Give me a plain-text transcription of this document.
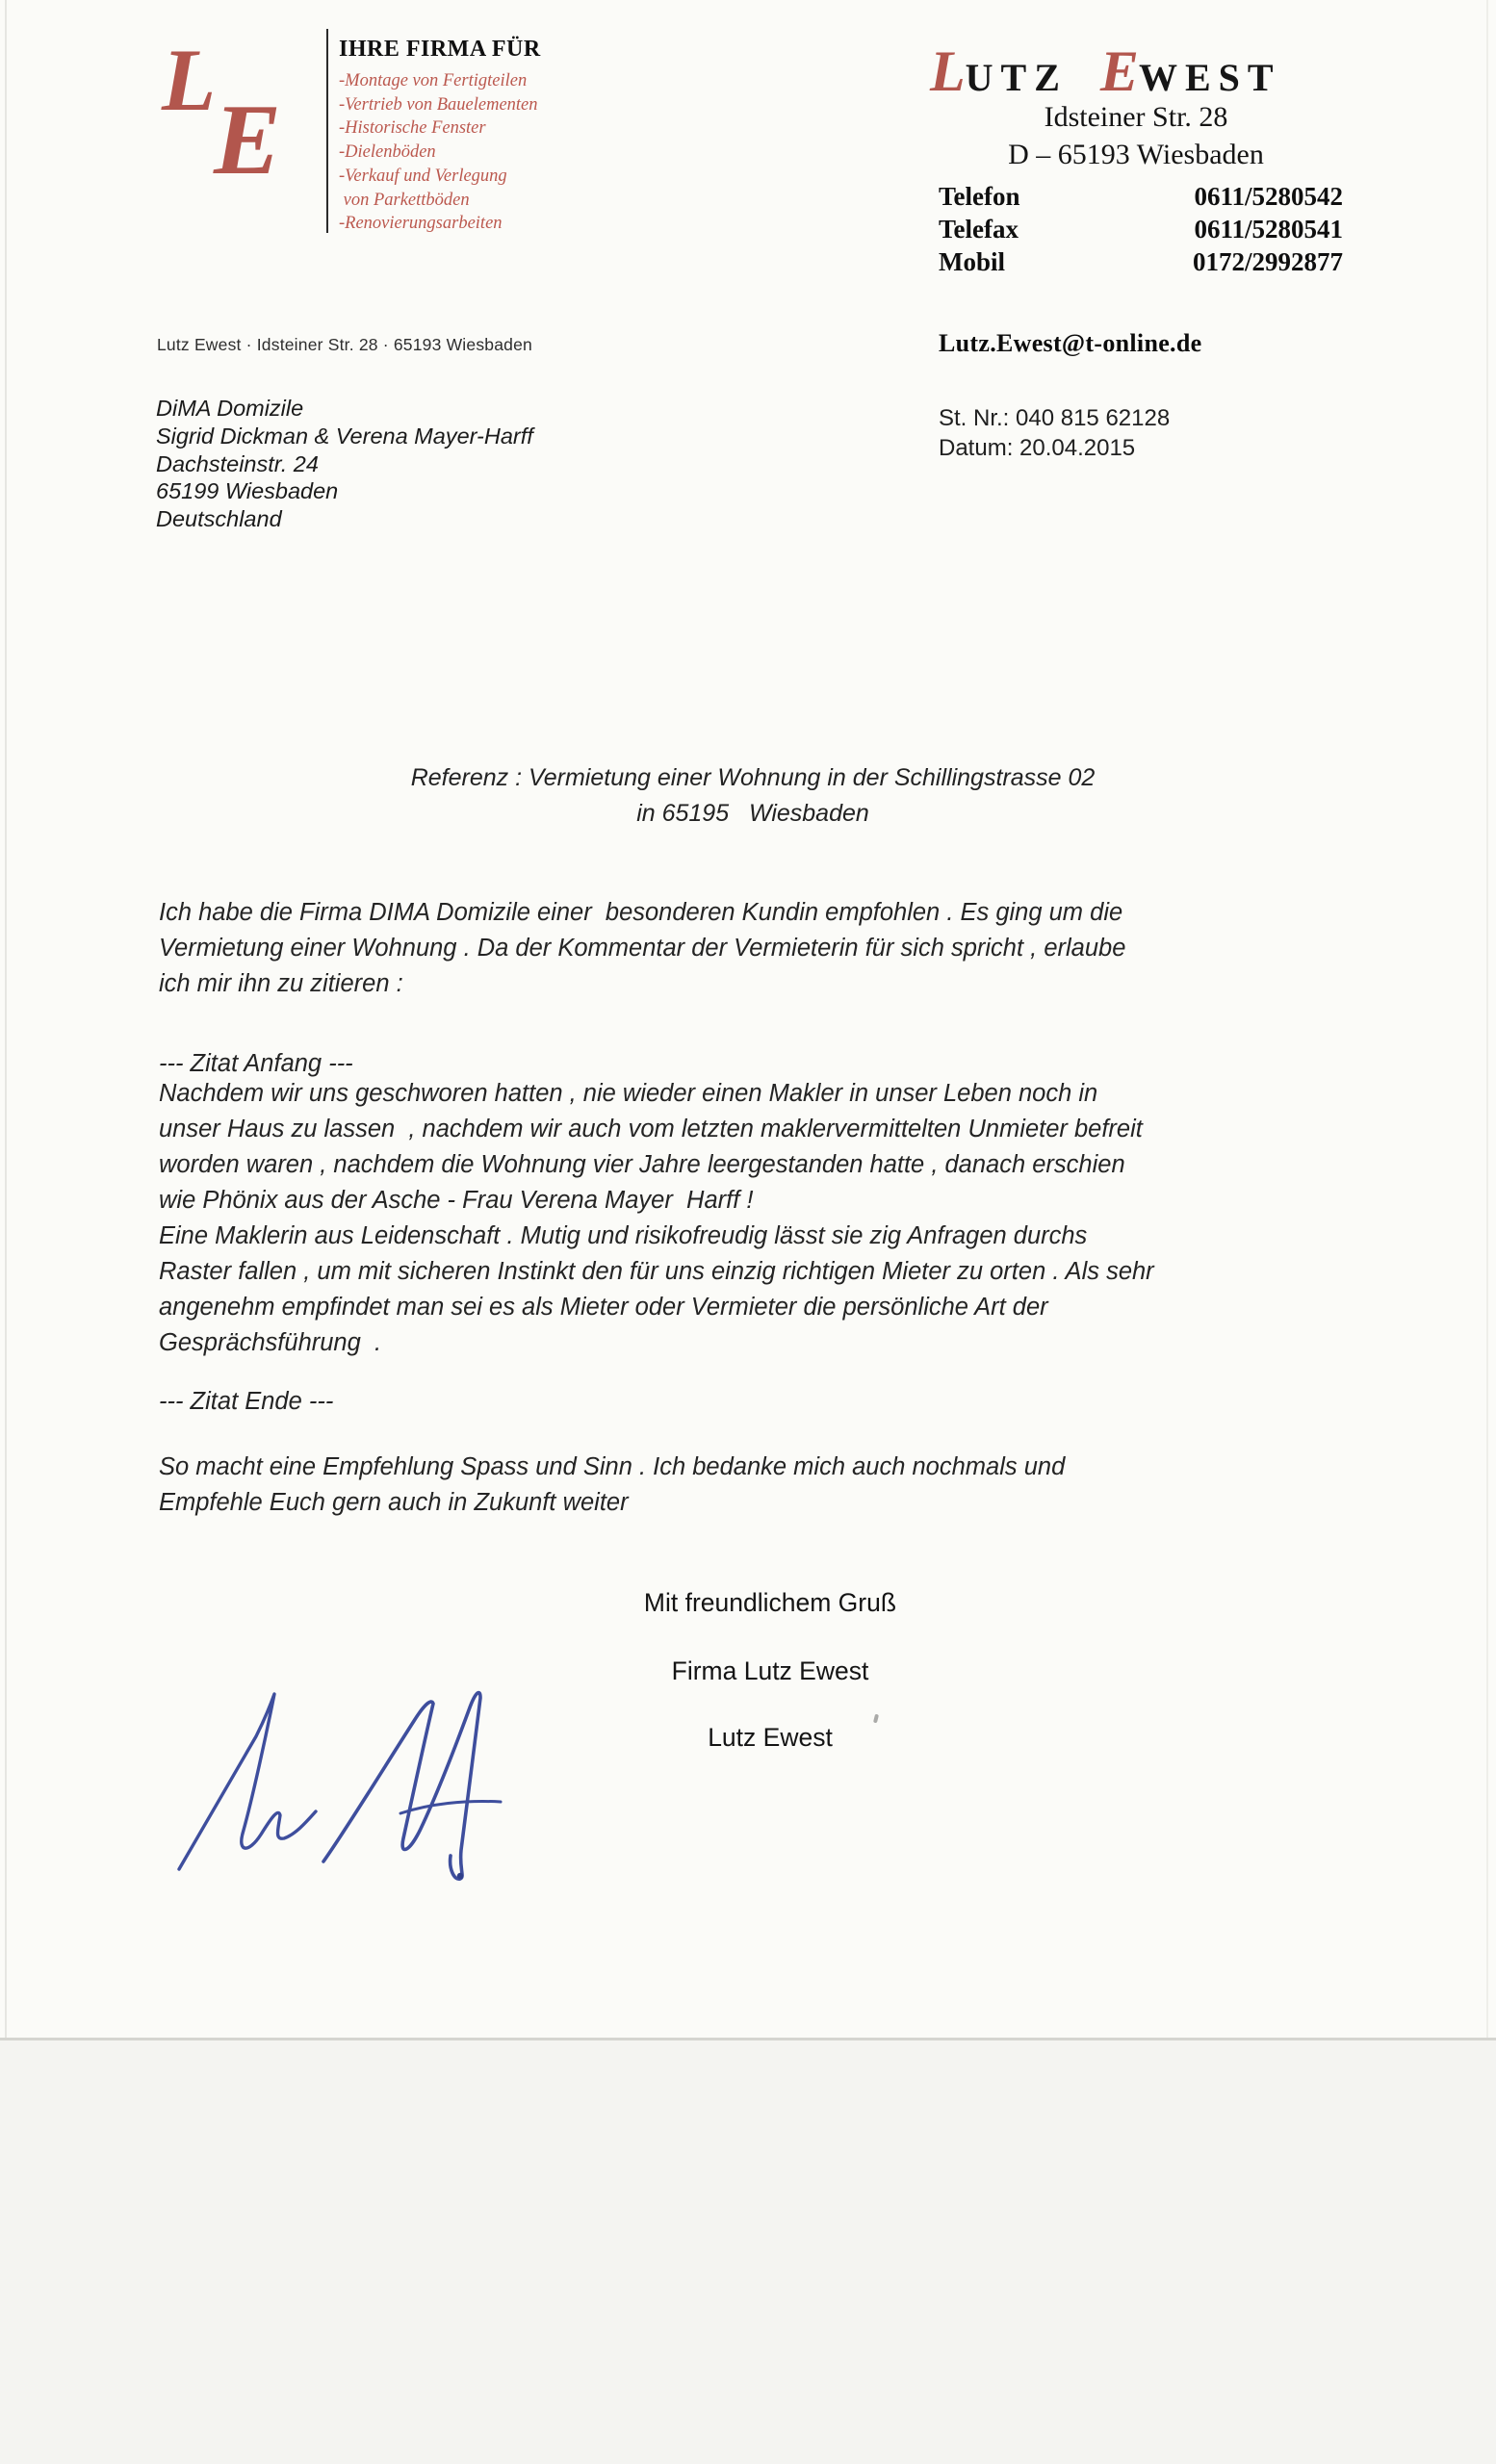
L
E
IHRE FIRMA FÜR
-Montage von Fertigteilen
-Vertrieb von Bauelementen
-Historische Fenster
-Dielenböden
-Verkauf und Verlegung
von Parkettböden
-Renovierungsarbeiten
L UTZ E WEST
Idsteiner Str. 28
D – 65193 Wiesbaden
Telefon	0611/5280542
Telefax	0611/5280541
Mobil	0172/2992877
Lutz Ewest · Idsteiner Str. 28 · 65193 Wiesbaden
DiMA Domizile
Sigrid Dickman & Verena Mayer-Harff
Dachsteinstr. 24
65199 Wiesbaden
Deutschland
Lutz.Ewest@t-online.de
St. Nr.: 040 815 62128
Datum: 20.04.2015
Referenz : Vermietung einer Wohnung in der Schillingstrasse 02
in 65195   Wiesbaden
Ich habe die Firma DIMA Domizile einer  besonderen Kundin empfohlen . Es ging um die
Vermietung einer Wohnung . Da der Kommentar der Vermieterin für sich spricht , erlaube
ich mir ihn zu zitieren :
--- Zitat Anfang ---
Nachdem wir uns geschworen hatten , nie wieder einen Makler in unser Leben noch in
unser Haus zu lassen  , nachdem wir auch vom letzten maklervermittelten Unmieter befreit
worden waren , nachdem die Wohnung vier Jahre leergestanden hatte , danach erschien
wie Phönix aus der Asche - Frau Verena Mayer  Harff !
Eine Maklerin aus Leidenschaft . Mutig und risikofreudig lässt sie zig Anfragen durchs
Raster fallen , um mit sicheren Instinkt den für uns einzig richtigen Mieter zu orten . Als sehr
angenehm empfindet man sei es als Mieter oder Vermieter die persönliche Art der
Gesprächsführung  .
--- Zitat Ende ---
So macht eine Empfehlung Spass und Sinn . Ich bedanke mich auch nochmals und
Empfehle Euch gern auch in Zukunft weiter
Mit freundlichem Gruß
Firma Lutz Ewest
Lutz Ewest
